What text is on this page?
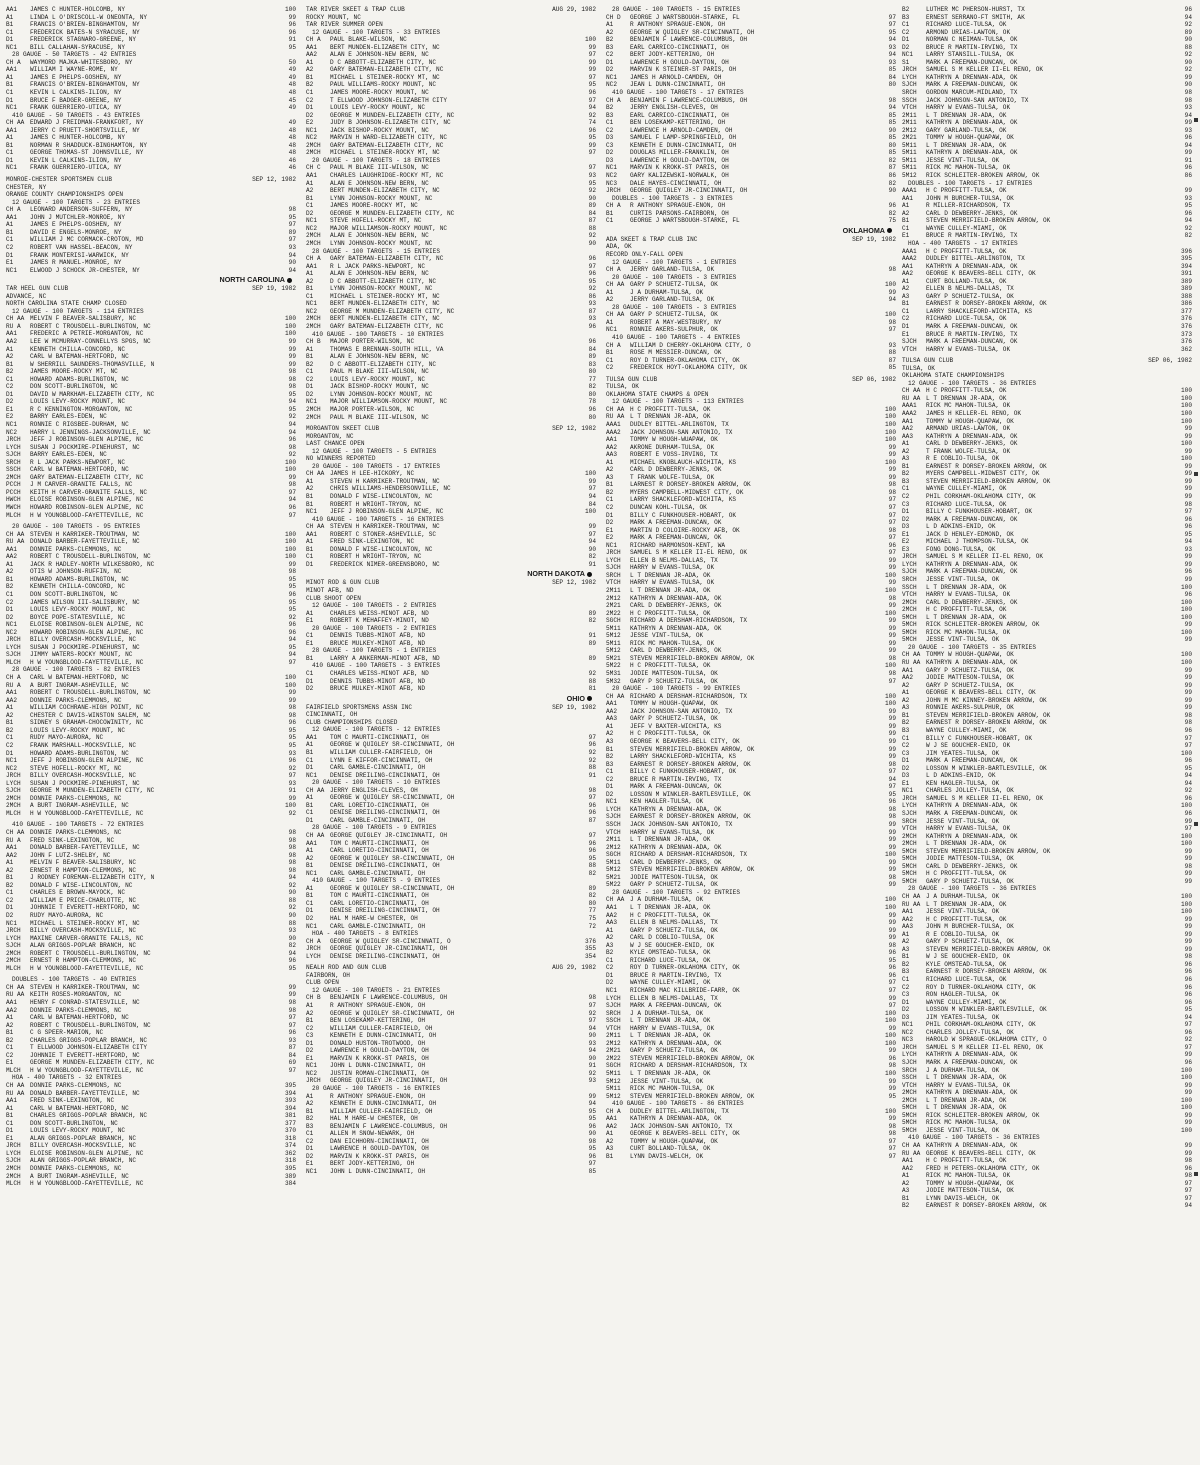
AA1	JAMES C HUNTER-HOLCOMB, NY	100
A1	LINDA L O'DRISCOLL-W ONEONTA, NY	99
B1	FRANCIS O'BRIEN-BINGHAMTON, NY	96
C1	FREDERICK BATES-N SYRACUSE, NY	96
D1	FREDERICK STAGNARO-GREENE, NY	91
NC1	BILL CALLAHAN-SYRACUSE, NY	95
28 GAUGE - 50 TARGETS - 42 ENTRIES
CH A	WAYMORD MAJKA-WHITESBORO, NY	50
AA1	WILLIAM I WAYNE-ROME, NY	49
A1	JAMES E PHELPS-GOSHEN, NY	49
B1	FRANCIS O'BRIEN-BINGHAMTON, NY	48
C1	KEVIN L CALKINS-ILION, NY	48
D1	BRUCE F BADGER-GREENE, NY	45
NC1	FRANK GUERRIERO-UTICA, NY	49
410 GAUGE - 50 TARGETS - 43 ENTRIES
CH AA EDWARD J FREIDMAN-FRANKFORT, NY	49
AA1	JERRY C PRUETT-SHORTSVILLE, NY	48
A1	JAMES C HUNTER-HOLCOMB, NY	48
B1	NORMAN R SHADDUCK-BINGHAMTON, NY	48
C1	GEORGE THOMAS-ST JOHNSVILLE, NY	48
D1	KEVIN L CALKINS-ILION, NY	46
NC1	FRANK GUERRIERO-UTICA, NY	46
MONROE-CHESTER SPORTSMEN CLUB	SEP 12, 1982
CHESTER, NY
ORANGE COUNTY CHAMPIONSHIPS OPEN
12 GAUGE - 100 TARGETS - 23 ENTRIES
CH A	LEONARD ANDERSON-SUFFERN, NY	98
AA1	JOHN J MUTCHLER-MONROE, NY	95
A1	JAMES E PHELPS-GOSHEN, NY	97
B1	DAVID E ENGELS-MONROE, NY	89
C1	WILLIAM J MC CORMACK-CROTON, MD	97
C2	ROBERT VAN HASSEL-BEACON, NY	93
D1	FRANK MONTERISI-WARWICK, NY	94
E1	JAMES R MANUEL-MONROE, NY	90
NC1	ELWOOD J SCHOCK JR-CHESTER, NY	94
NORTH CAROLINA
TAR HEEL GUN CLUB	SEP 19, 1982
ADVANCE, NC
NORTH CAROLINA STATE CHAMP CLOSED
12 GAUGE - 100 TARGETS - 114 ENTRIES
CH AA MELVIN F BEAVER-SALISBURY, NC	100
RU A	ROBERT C TROUSDELL-BURLINGTON, NC	100
AA1	FREDERIC A PETRIE-MORGANTON, NC	100
AA2	LEE W MCMURRAY-CONNELLYS SPGS, NC	99
A1	KENNETH CHILLA-CONCORD, NC	99
A2	CARL W BATEMAN-HERTFORD, NC	99
B1	W SHERRILL SAUNDERS-THOMASVILLE, N	99
B2	JAMES MOORE-ROCKY MT, NC	98
C1	HOWARD ADAMS-BURLINGTON, NC	98
C2	DON SCOTT-BURLINGTON, NC	98
D1	DAVID W MARKHAM-ELIZABETH CITY, NC	95
D2	LOUIS LEVY-ROCKY MOUNT, NC	94
E1	R C KENNINGTON-MORGANTON, NC	95
E2	BARRY EARLES-EDEN, NC	92
NC1	RONNIE C RIGSBEE-DURHAM, NC	94
NC2	HARRY L JENNINGS-JACKSONVILLE, NC	94
JRCH	JEFF J ROBINSON-GLEN ALPINE, NC	96
LYCH	SUSAN J POCKMIRE-PINEHURST, NC	98
SJCH	BARRY EARLES-EDEN, NC	92
SRCH	R L JACK PARKS-NEWPORT, NC	100
SSCH	CARL W BATEMAN-HERTFORD, NC	100
2MCH	GARY BATEMAN-ELIZABETH CITY, NC	99
PCCH	J M CARVER-GRANITE FALLS, NC	98
PCCH	KEITH H CARVER-GRANITE FALLS, NC	97
HWCH	ELOISE ROBINSON-GLEN ALPINE, NC	94
MWCH	HOWARD ROBINSON-GLEN ALPINE, NC	96
MLCH	H W YOUNGBLOOD-FAYETTEVILLE, NC	97
20 GAUGE - 100 TARGETS - 95 ENTRIES
CH AA STEVEN H KARRIKER-TROUTMAN, NC	100
RU AA DONALD BARBER-FAYETTEVILLE, NC	100
AA1	DONNIE PARKS-CLEMMONS, NC	100
AA2	ROBERT C TROUSDELL-BURLINGTON, NC	100
A1	JACK R HADLEY-NORTH WILKESBORO, NC	99
A2	OTIS W JOHNSON-RUFFIN, NC	98
B1	HOWARD ADAMS-BURLINGTON, NC	95
B2	KENNETH CHILLA-CONCORD, NC	95
C1	DON SCOTT-BURLINGTON, NC	96
C2	JAMES WILSON III-SALISBURY, NC	95
D1	LOUIS LEVY-ROCKY MOUNT, NC	95
D2	BOYCE POPE-STATESVILLE, NC	92
NC1	ELOISE ROBINSON-GLEN ALPINE, NC	96
NC2	HOWARD ROBINSON-GLEN ALPINE, NC	96
JRCH	BILLY OVERCASH-MOCKSVILLE, NC	94
LYCH	SUSAN J POCKMIRE-PINEHURST, NC	95
SJCH	JIMMY WATERS-ROCKY MOUNT, NC	94
MLCH	H W YOUNGBLOOD-FAYETTEVILLE, NC	97
28 GAUGE - 100 TARGETS - 82 ENTRIES
CH A	CARL W BATEMAN-HERTFORD, NC	100
RU A	A BURT INGRAM-ASHEVILLE, NC	100
AA1	ROBERT C TROUSDELL-BURLINGTON, NC	99
AA2	DONNIE PARKS-CLEMMONS, NC	99
A1	WILLIAM COCHRANE-HIGH POINT, NC	98
A2	CHESTER C DAVIS-WINSTON SALEM, NC	98
B1	SIDNEY S GRAHAM-CHOCOWINITY, NC	96
B2	LOUIS LEVY-ROCKY MOUNT, NC	95
C1	RUDY MAYO-AURORA, NC	95
C2	FRANK MARSHALL-MOCKSVILLE, NC	95
D1	HOWARD ADAMS-BURLINGTON, NC	93
NC1	JEFF J ROBINSON-GLEN ALPINE, NC	96
NC2	STEVE HOFELL-ROCKY MT, NC	92
JRCH	BILLY OVERCASH-MOCKSVILLE, NC	97
LYCH	SUSAN J POCKMIRE-PINEHURST, NC	93
SJCH	GEORGE M MUNDEN-ELIZABETH CITY, NC	91
2MCH	DONNIE PARKS-CLEMMONS, NC	99
2MCH	A BURT INGRAM-ASHEVILLE, NC	100
MLCH	H W YOUNGBLOOD-FAYETTEVILLE, NC	92
410 GAUGE - 100 TARGETS - 72 ENTRIES
CH AA DONNIE PARKS-CLEMMONS, NC	98
RU A	FRED SINK-LEXINGTON, NC	98
AA1	DONALD BARBER-FAYETTEVILLE, NC	98
AA2	JOHN F LUTZ-SHELBY, NC	98
A1	MELVIN F BEAVER-SALISBURY, NC	98
A2	ERNEST R HAMPTON-CLEMMONS, NC	98
B1	J RODNEY FOREMAN-ELIZABETH CITY, N	94
B2	DONALD F WISE-LINCOLNTON, NC	92
C1	CHARLES E BROWN-MAYOCK, NC	90
C2	WILLIAM E PRICE-CHARLOTTE, NC	88
D1	JOHNNIE T EVERETT-HERTFORD, NC	92
D2	RUDY MAYO-AURORA, NC	90
NC1	MICHAEL L STEINER-ROCKY MT, NC	88
JRCH	BILLY OVERCASH-MOCKSVILLE, NC	93
LYCH	MAXINE CARVER-GRANITE FALLS, NC	90
SJCH	ALAN GRIGGS-POPLAR BRANCH, NC	82
2MCH	ROBERT C TROUSDELL-BURLINGTON, NC	94
2MCH	ERNEST R HAMPTON-CLEMMONS, NC	96
MLCH	H W YOUNGBLOOD-FAYETTEVILLE, NC	95
DOUBLES - 100 TARGETS - 40 ENTRIES
CH AA STEVEN H KARRIKER-TROUTMAN, NC	99
RU AA KEITH ROSES-MORGANTON, NC	99
AA1	HENRY F CONRAD-STATESVILLE, NC	98
AA2	DONNIE PARKS-CLEMMONS, NC	98
A1	CARL W BATEMAN-HERTFORD, NC	97
A2	ROBERT C TROUSDELL-BURLINGTON, NC	97
B1	C G SPEER-MARION, NC	96
B2	CHARLES GRIGGS-POPLAR BRANCH, NC	93
C1	T ELLWOOD JOHNSON-ELIZABETH CITY	87
C2	JOHNNIE T EVERETT-HERTFORD, NC	84
E1	GEORGE M MUNDEN-ELIZABETH CITY, NC	69
MLCH	H W YOUNGBLOOD-FAYETTEVILLE, NC	97
HOA - 400 TARGETS - 32 ENTRIES
CH AA DONNIE PARKS-CLEMMONS, NC	395
RU AA DONALD BARBER-FAYETTEVILLE, NC	394
AA1	FRED SINK-LEXINGTON, NC	393
A1	CARL W BATEMAN-HERTFORD, NC	394
B1	CHARLES GRIGGS-POPLAR BRANCH, NC	381
C1	DON SCOTT-BURLINGTON, NC	377
D1	LOUIS LEVY-ROCKY MOUNT, NC	370
E1	ALAN GRIGGS-POPLAR BRANCH, NC	318
JRCH	BILLY OVERCASH-MOCKSVILLE, NC	374
LYCH	ELOISE ROBINSON-GLEN ALPINE, NC	362
SJCH	ALAN GRIGGS-POPLAR BRANCH, NC	318
2MCH	DONNIE PARKS-CLEMMONS, NC	395
2MCH	A BURT INGRAM-ASHEVILLE, NC	389
MLCH	H W YOUNGBLOOD-FAYETTEVILLE, NC	384
TAR RIVER SKEET & TRAP CLUB	AUG 29, 1982
ROCKY MOUNT, NC
TAR RIVER SUMMER OPEN
12 GAUGE - 100 TARGETS - 33 ENTRIES
CH A	PAUL BLAKE-WILSON, NC	100
AA1	BERT MUNDEN-ELIZABETH CITY, NC	99
AA2	ALAN E JOHNSON-NEW BERN, NC	97
A1	D C ABBOTT-ELIZABETH CITY, NC	99
A2	GARY BATEMAN-ELIZABETH CITY, NC	99
B1	MICHAEL L STEINER-ROCKY MT, NC	97
B2	PAUL WILLIAMS-ROCKY MOUNT, NC	95
C1	JAMES MOORE-ROCKY MOUNT, NC	96
C2	T ELLWOOD JOHNSON-ELIZABETH CITY	97
D1	LOUIS LEVY-ROCKY MOUNT, NC	94
D2	GEORGE M MUNDEN-ELIZABETH CITY, NC	92
E2	JUDY B JOHNSON-ELIZABETH CITY, NC	74
NC1	JACK BISHOP-ROCKY MOUNT, NC	96
NC2	MARVIN H WARD-ELIZABETH CITY, NC	95
2MCH	GARY BATEMAN-ELIZABETH CITY, NC	99
2MCH	MICHAEL L STEINER-ROCKY MT, NC	97
20 GAUGE - 100 TARGETS - 18 ENTRIES
CH C	PAUL M BLAKE III-WILSON, NC	97
AA1	CHARLES LAUGHRIDGE-ROCKY MT, NC	93
A1	ALAN E JOHNSON-NEW BERN, NC	95
A2	BERT MUNDEN-ELIZABETH CITY, NC	92
B1	LYNN JOHNSON-ROCKY MOUNT, NC	90
C1	JAMES MOORE-ROCKY MT, NC	89
D2	GEORGE M MUNDEN-ELIZABETH CITY, NC	84
NC1	STEVE HOFELL-ROCKY MT, NC	87
NC2	MAJOR WILLIAMSON-ROCKY MOUNT, NC	88
2MCH	ALAN E JOHNSON-NEW BERN, NC	92
2MCH	LYNN JOHNSON-ROCKY MOUNT, NC	90
28 GAUGE - 100 TARGETS - 15 ENTRIES
CH A	GARY BATEMAN-ELIZABETH CITY, NC	96
AA1	R L JACK PARKS-NEWPORT, NC	97
A1	ALAN E JOHNSON-NEW BERN, NC	96
A2	D C ABBOTT-ELIZABETH CITY, NC	95
B1	LYNN JOHNSON-ROCKY MOUNT, NC	92
C1	MICHAEL L STEINER-ROCKY MT, NC	86
NC1	BERT MUNDEN-ELIZABETH CITY, NC	93
NC2	GEORGE M MUNDEN-ELIZABETH CITY, NC	87
2MCH	BERT MUNDEN-ELIZABETH CITY, NC	93
2MCH	GARY BATEMAN-ELIZABETH CITY, NC	96
410 GAUGE - 100 TARGETS - 10 ENTRIES
CH B	MAJOR PORTER-WILSON, NC	96
A1	THOMAS E BRENNAN-SOUTH HILL, VA	84
B1	ALAN E JOHNSON-NEW BERN, NC	89
B2	D C ABBOTT-ELIZABETH CITY, NC	83
C1	PAUL M BLAKE III-WILSON, NC	80
C2	LOUIS LEVY-ROCKY MOUNT, NC	77
D1	JACK BISHOP-ROCKY MOUNT, NC	82
D2	LYNN JOHNSON-ROCKY MOUNT, NC	80
NC1	MAJOR WILLIAMSON-ROCKY MOUNT, NC	78
2MCH	MAJOR PORTER-WILSON, NC	96
2MCH	PAUL M BLAKE III-WILSON, NC	80
MORGANTON SKEET CLUB	SEP 12, 1982
MORGANTON, NC
LAST CHANCE OPEN
12 GAUGE - 100 TARGETS - 5 ENTRIES
NO WINNERS REPORTED
20 GAUGE - 100 TARGETS - 17 ENTRIES
CH AA JAMES H LEE-HICKORY, NC	100
A1	STEVEN H KARRIKER-TROUTMAN, NC	99
A2	CHRIS WILLIAMS-HENDERSONVILLE, NC	97
B1	DONALD F WISE-LINCOLNTON, NC	94
B1	ROBERT H WRIGHT-TRYON, NC	84
NC1	JEFF J ROBINSON-GLEN ALPINE, NC	100
410 GAUGE - 100 TARGETS - 16 ENTRIES
CH AA STEVEN H KARRIKER-TROUTMAN, NC	99
AA1	ROBERT C STONER-ASHEVILLE, SC	97
A1	FRED SINK-LEXINGTON, NC	94
B1	DONALD F WISE-LINCOLNTON, NC	90
C1	ROBERT H WRIGHT-TRYON, NC	82
D1	FREDERICK NIMER-GREENSBORO, NC	91
NORTH DAKOTA
MINOT ROD & GUN CLUB	SEP 12, 1982
MINOT AFB, ND
CLUB SHOOT OPEN
12 GAUGE - 100 TARGETS - 2 ENTRIES
A1	CHARLES WEISS-MINOT AFB, ND	89
E1	ROBERT K MEHAFFEY-MINOT, ND	82
20 GAUGE - 100 TARGETS - 2 ENTRIES
C1	DENNIS TUBBS-MINOT AFB, ND	91
E1	BRUCE MULKEY-MINOT AFB, ND	89
28 GAUGE - 100 TARGETS - 1 ENTRIES
B1	LARRY A ANKERMAN-MINOT AFB, ND	89
410 GAUGE - 100 TARGETS - 3 ENTRIES
C1	CHARLES WEISS-MINOT AFB, ND	92
D1	DENNIS TUBBS-MINOT AFB, ND	88
D2	BRUCE MULKEY-MINOT AFB, ND	81
OHIO
FAIRFIELD SPORTSMENS ASSN INC	SEP 19, 1982
CINCINNATI, OH
CLUB CHAMPIONSHIPS CLOSED
12 GAUGE - 100 TARGETS - 12 ENTRIES
AA1	TOM C MAURTI-CINCINNATI, OH	97
A1	GEORGE W QUIGLEY SR-CINCINNATI, OH	96
B1	WILLIAM CULLER-FAIRFIELD, OH	92
C1	LYNN E KIFFOR-CINCINNATI, OH	92
D1	CARL GAMBLE-CINCINNATI, OH	88
NC1	DENISE DREILING-CINCINNATI, OH	91
20 GAUGE - 100 TARGETS - 10 ENTRIES
CH AA JERRY ENGLISH-CLEVES, OH	98
A1	GEORGE W QUIGLEY SR-CINCINNATI, OH	97
B1	CARL LORETIO-CINCINNATI, OH	96
C1	DENISE DREILING-CINCINNATI, OH	96
D1	CARL GAMBLE-CINCINNATI, OH	87
28 GAUGE - 100 TARGETS - 9 ENTRIES
CH AA GEORGE QUIGLEY JR-CINCINNATI, OH	97
AA1	TOM C MAURTI-CINCINNATI, OH	96
A1	CARL LORETIO-CINCINNATI, OH	96
A2	GEORGE W QUIGLEY SR-CINCINNATI, OH	95
B1	DENISE DREILING-CINCINNATI, OH	88
NC1	CARL GAMBLE-CINCINNATI, OH	82
410 GAUGE - 100 TARGETS - 9 ENTRIES
A1	GEORGE W QUIGLEY SR-CINCINNATI, OH	89
B1	TOM C MAURTI-CINCINNATI, OH	82
C1	CARL LORETIO-CINCINNATI, OH	80
D1	DENISE DREILING-CINCINNATI, OH	77
D2	HAL M HARE-W CHESTER, OH	75
NC1	CARL GAMBLE-CINCINNATI, OH	72
HOA - 400 TARGETS - 8 ENTRIES
CH A	GEORGE W QUIGLEY SR-CINCINNATI, O	376
JRCH	GEORGE QUIGLEY JR-CINCINNATI, OH	355
LYCH	DENISE DREILING-CINCINNATI, OH	354
NEALH ROD AND GUN CLUB	AUG 29, 1982
FAIRBORN, OH
CLUB OPEN
12 GAUGE - 100 TARGETS - 21 ENTRIES
CH B	BENJAMIN F LAWRENCE-COLUMBUS, OH	98
A1	R ANTHONY SPRAGUE-ENON, OH	97
A2	GEORGE W QUIGLEY SR-CINCINNATI, OH	92
B1	BEN LOSEKAMP-KETTERING, OH	97
C2	WILLIAM CULLER-FAIRFIELD, OH	94
C3	KENNETH E DUNN-CINCINNATI, OH	90
D1	DONALD HUSTON-TROTWOOD, OH	93
D2	LAWRENCE H GOULD-DAYTON, OH	94
E1	MARVIN K KROKK-ST PARIS, OH	90
NC1	JOHN L DUNN-CINCINNATI, OH	91
NC2	JUSTIN ROMAN-CINCINNATI, OH	92
JRCH	GEORGE QUIGLEY JR-CINCINNATI, OH	93
20 GAUGE - 100 TARGETS - 16 ENTRIES
A1	R ANTHONY SPRAGUE-ENON, OH	99
A2	KENNETH E DUNN-CINCINNATI, OH	94
B1	WILLIAM CULLER-FAIRFIELD, OH	95
B2	HAL M HARE-W CHESTER, OH	95
B3	BENJAMIN F LAWRENCE-COLUMBUS, OH	96
C1	ALLEN M SNOW-NEWARK, OH	90
C2	DAN EICHHORN-CINCINNATI, OH	98
D1	LAWRENCE H GOULD-DAYTON, OH	95
D2	MARVIN K KROKK-ST PARIS, OH	96
E1	BERT JODY-KETTERING, OH	97
NC1	JOHN L DUNN-CINCINNATI, OH	85
28 GAUGE - 100 TARGETS - 15 ENTRIES
CH D	GEORGE J WARTSBOUGH-STARKE, FL	97
A1	R ANTHONY SPRAGUE-ENON, OH	97
A2	GEORGE W QUIGLEY SR-CINCINNATI, OH	95
B2	BENJAMIN F LAWRENCE-COLUMBUS, OH	94
B3	EARL CARRICO-CINCINNATI, OH	93
C2	BERT JODY-KETTERING, OH	94
D1	LAWRENCE H GOULD-DAYTON, OH	93
D2	MARVIN K STEINER-ST PARIS, OH	85
NC1	JAMES H ARNOLD-CAMDEN, OH	84
NC2	JEAN L DUNN-CINCINNATI, OH	80
410 GAUGE - 100 TARGETS - 17 ENTRIES
CH A	BENJAMIN F LAWRENCE-COLUMBUS, OH	98
B2	JERRY ENGLISH-CLEVES, OH	94
B3	EARL CARRICO-CINCINNATI, OH	85
C1	BEN LOSEKAMP-KETTERING, OH	85
C2	LAWRENCE H ARNOLD-CAMDEN, OH	90
D3	SAMUEL F LAMP-SPRINGFIELD, OH	85
C3	KENNETH E DUNN-CINCINNATI, OH	80
D2	DOUGLAS MILLER-FRANKLIN, OH	85
D3	LAWRENCE H GOULD-DAYTON, OH	82
NC1	MARVIN K KROKK-ST PARIS, OH	87
NC2	GARY KALIZEWSKI-NORWALK, OH	86
NC3	DALE HAYES-CINCINNATI, OH	82
JRCH	GEORGE QUIGLEY JR-CINCINNATI, OH	90
DOUBLES - 100 TARGETS - 3 ENTRIES
CH A	R ANTHONY SPRAGUE-ENON, OH	96
B1	CURTIS PARSONS-FAIRBORN, OH	82
C1	GEORGE J WARTSBOUGH-STARKE, FL	75
OKLAHOMA
ADA SKEET & TRAP CLUB INC	SEP 19, 1982
ADA, OK
RECORD ONLY-FALL OPEN
12 GAUGE - 100 TARGETS - 1 ENTRIES
CH A	JERRY GARLAND-TULSA, OK	98
20 GAUGE - 100 TARGETS - 3 ENTRIES
CH AA GARY P SCHUETZ-TULSA, OK	100
A1	J A DURHAM-TULSA, OK	99
A2	JERRY GARLAND-TULSA, OK	94
28 GAUGE - 100 TARGETS - 3 ENTRIES
CH AA GARY P SCHUETZ-TULSA, OK	100
A1	ROBERT A MAY-WESTBURY, NY	98
NC1	RONNIE AKERS-SULPHUR, OK	97
410 GAUGE - 100 TARGETS - 4 ENTRIES
CH A	WILLIAM D CHERRY-OKLAHOMA CITY, O	93
B1	ROSE M MESSIER-DUNCAN, OK	88
C1	ROY D TURNER-OKLAHOMA CITY, OK	87
C2	FREDERICK HOYT-OKLAHOMA CITY, OK	85
TULSA GUN CLUB	SEP 06, 1982
TULSA, OK
OKLAHOMA STATE CHAMPS & OPEN
12 GAUGE - 100 TARGETS - 113 ENTRIES
CH AA H C PROFFITT-TULSA, OK	100
RU AA L T DRENNAN JR-ADA, OK	100
AAA1	DUDLEY BITTEL-ARLINGTON, TX	100
AAA2	JACK JOHNSON-SAN ANTONIO, TX	100
AA1	TOMMY W HOUGH-WUAPAW, OK	100
AA2	AKRONE DURHAM-TULSA, OK	99
AA3	ROBERT E VOSS-IRVING, TX	99
A1	MICHAEL KNOBLAUCH-WICHITA, KS	100
A2	CARL D DEWBERRY-JENKS, OK	99
A3	T FRANK WOLFE-TULSA, OK	99
B1	LARNEST R DORSEY-BROKEN ARROW, OK	98
B2	MYERS CAMPBELL-MIDWEST CITY, OK	98
C1	LARRY SHACKLEFORD-WICHITA, KS	97
C2	DUNCAN KOHL-TULSA, OK	97
D1	BILLY C FUNKHOUSER-HOBART, OK	97
D2	MARK A FREEMAN-DUNCAN, OK	97
E1	MARTIN D COLOIRE-ROCKY AFB, OK	98
E2	MARK A FREEMAN-DUNCAN, OK	97
NC1	RICHARD HARMONSON-KENT, WA	96
JRCH	SAMUEL S M KELLER II-EL RENO, OK	97
LYCH	ELLEN B NELMS-DALLAS, TX	99
SJCH	HARRY W EVANS-TULSA, OK	99
SRCH	L T DRENNAN JR-ADA, OK	100
VTCH	HARRY W EVANS-TULSA, OK	99
2M11	L T DRENNAN JR-ADA, OK	100
2M12	KATHRYN A DRENNAN-ADA, OK	98
2M21	CARL D DEWBERRY-JENKS, OK	99
2M22	H C PROFFITT-TULSA, OK	100
SGCH	RICHARD A DERSHAM-RICHARDSON, TX	99
5M11	KATHRYN A DRENNAN-ADA, OK	99
5M12	JESSE VINT-TULSA, OK	99
5M11	RICK MC MAHON-TULSA, OK	99
5M12	CARL D DEWBERRY-JENKS, OK	99
5M21	STEVEN MERRIFIELD-BROKEN ARROW, OK	98
5M22	H C PROFFITT-TULSA, OK	100
5M31	JODIE MATTESON-TULSA, OK	98
5M32	GARY P SCHUETZ-TULSA, OK	97
20 GAUGE - 100 TARGETS - 99 ENTRIES
CH AA RICHARD A DERSHAM-RICHARDSON, TX	100
AA1	TOMMY W HOUGH-QUAPAW, OK	100
AA2	JACK JOHNSON-SAN ANTONIO, TX	99
AA3	GARY P SCHUETZ-TULSA, OK	99
A1	JEFF V BAXTER-WICHITA, KS	99
A2	H C PROFFITT-TULSA, OK	99
A3	GEORGE K BEAVERS-BELL CITY, OK	99
B1	STEVEN MERRIFIELD-BROKEN ARROW, OK	99
B2	LARRY SHACKLEFORD-WICHITA, KS	99
B3	EARNEST R DORSEY-BROKEN ARROW, OK	98
C1	BILLY C FUNKHOUSER-HOBART, OK	97
C2	BRUCE R MARTIN-IRVING, TX	94
D1	MARK A FREEMAN-DUNCAN, OK	97
D2	LOSSON M WINKLER-BARTLESVILLE, OK	95
NC1	KEN HAGLER-TULSA, OK	96
LYCH	KATHRYN A DRENNAN-ADA, OK	98
SJCH	EARNEST R DORSEY-BROKEN ARROW, OK	98
SSCH	JACK JOHNSON-SAN ANTONIO, TX	99
VTCH	HARRY W EVANS-TULSA, OK	99
2M11	L T DRENNAN JR-ADA, OK	99
2M12	KATHRYN A DRENNAN-ADA, OK	99
SGCH	RICHARD A DERSHAM-RICHARDSON, TX	100
5M11	CARL D DEWBERRY-JENKS, OK	99
5M12	STEVEN MERRIFIELD-BROKEN ARROW, OK	99
5M21	JODIE MATTESON-TULSA, OK	98
5M22	GARY P SCHUETZ-TULSA, OK	99
28 GAUGE - 100 TARGETS - 92 ENTRIES
CH AA J A DURHAM-TULSA, OK	100
AA1	L T DRENNAN JR-ADA, OK	100
AA2	H C PROFFITT-TULSA, OK	99
AA3	ELLEN B NELMS-DALLAS, TX	99
A1	GARY P SCHUETZ-TULSA, OK	99
A2	CARL D COBLIO-TULSA, OK	99
A3	W J SE GOUCHER-ENID, OK	98
B2	KYLE OMSTEAD-TULSA, OK	96
C1	RICHARD LUCE-TULSA, OK	95
C2	ROY D TURNER-OKLAHOMA CITY, OK	96
D1	BRUCE R MARTIN-IRVING, TX	96
D2	WAYNE CULLEY-MIAMI, OK	97
NC1	RICHARD MAC KILLBRIDE-FARR, OK	97
LYCH	ELLEN B NELMS-DALLAS, TX	99
SJCH	MARK A FREEMAN-DUNCAN, OK	97
SRCH	J A DURHAM-TULSA, OK	100
SSCH	L T DRENNAN JR-ADA, OK	100
VTCH	HARRY W EVANS-TULSA, OK	99
2M11	L T DRENNAN JR-ADA, OK	100
2M12	KATHRYN A DRENNAN-ADA, OK	100
2M21	GARY P SCHUETZ-TULSA, OK	99
2M22	STEVEN MERRIFIELD-BROKEN ARROW, OK	96
SGCH	RICHARD A DERSHAM-RICHARDSON, TX	98
5M11	L T DRENNAN JR-ADA, OK	100
5M12	JESSE VINT-TULSA, OK	99
5M11	RICK MC MAHON-TULSA, OK	99
5M12	STEVEN MERRIFIELD-BROKEN ARROW, OK	95
410 GAUGE - 100 TARGETS - 86 ENTRIES
CH A	DUDLEY BITTEL-ARLINGTON, TX	100
AA1	KATHRYN A DRENNAN-ADA, OK	99
AA2	JACK JOHNSON-SAN ANTONIO, TX	98
A1	GEORGE K BEAVERS-BELL CITY, OK	98
A2	TOMMY W HOUGH-QUAPAW, OK	97
A3	CURT BOLLAND-TULSA, OK	97
B1	LYNN DAVIS-WELCH, OK	97
B2	LUTHER MC PHERSON-HURST, TX	96
B3	ERNEST SERRANO-FT SMITH, AK	94
C1	RICHARD LUCE-TULSA, OK	92
C2	ARMOND URIAS-LAWTON, OK	89
D1	NORMAN C NEIMAN-TULSA, OK	90
D2	BRUCE R MARTIN-IRVING, TX	88
NC1	LARRY STANSILL-TULSA, OK	92
S1	MARK A FREEMAN-DUNCAN, OK	90
JRCH	SAMUEL S M KELLER II-EL RENO, OK	92
LYCH	KATHRYN A DRENNAN-ADA, OK	99
SJCH	MARK A FREEMAN-DUNCAN, OK	90
SRCH	GORDON MARCUM-MIDLAND, TX	98
SSCH	JACK JOHNSON-SAN ANTONIO, TX	98
VTCH	HARRY W EVANS-TULSA, OK	93
2M11	L T DRENNAN JR-ADA, OK	94
2M11	KATHRYN A DRENNAN-ADA, OK	99
2M12	GARY GARLAND-TULSA, OK	93
2M21	TOMMY W HOUGH-QUAPAW, OK	96
5M11	L T DRENNAN JR-ADA, OK	94
5M11	KATHRYN A DRENNAN-ADA, OK	99
5M11	JESSE VINT-TULSA, OK	91
5M11	RICK MC MAHON-TULSA, OK	96
5M12	RICK SCHLEITER-BROKEN ARROW, OK	86
DOUBLES - 100 TARGETS - 17 ENTRIES
AAA1	H C PROFFITT-TULSA, OK	99
AA1	JOHN M BURCHER-TULSA, OK	93
A1	R MILLER-RICHARDSON, TX	95
A2	CARL D DEWBERRY-JENKS, OK	96
B1	STEVEN MERRIFIELD-BROKEN ARROW, OK	94
C1	WAYNE CULLEY-MIAMI, OK	92
E1	BRUCE R MARTIN-IRVING, TX	82
HOA - 400 TARGETS - 17 ENTRIES
AAA1	H C PROFFITT-TULSA, OK	396
AAA2	DUDLEY BITTEL-ARLINGTON, TX	395
AA1	KATHRYN A DRENNAN-ADA, OK	394
AA2	GEORGE K BEAVERS-BELL CITY, OK	391
A1	CURT BOLLAND-TULSA, OK	389
A2	ELLEN B NELMS-DALLAS, TX	389
A3	GARY P SCHUETZ-TULSA, OK	388
B1	EARNEST R DORSEY-BROKEN ARROW, OK	386
C1	LARRY SHACKLEFORD-WICHITA, KS	377
C2	RICHARD LUCE-TULSA, OK	376
D1	MARK A FREEMAN-DUNCAN, OK	376
E1	BRUCE R MARTIN-IRVING, TX	373
SJCH	MARK A FREEMAN-DUNCAN, OK	376
VTCH	HARRY W EVANS-TULSA, OK	362
TULSA GUN CLUB	SEP 06, 1982
TULSA, OK
OKLAHOMA STATE CHAMPIONSHIPS
12 GAUGE - 100 TARGETS - 36 ENTRIES
CH AA H C PROFFITT-TULSA, OK	100
RU AA L T DRENNAN JR-ADA, OK	100
AAA1	RICK MC MAHON-TULSA, OK	100
AAA2	JAMES H KELLER-EL RENO, OK	100
AA1	TOMMY W HOUGH-QUAPAW, OK	100
AA2	ARMAND URIAS-LAWTON, OK	99
AA3	KATHRYN A DRENNAN-ADA, OK	99
A1	CARL D DEWBERRY-JENKS, OK	100
A2	T FRANK WOLFE-TULSA, OK	99
A3	R E COBLIO-TULSA, OK	100
B1	EARNEST R DORSEY-BROKEN ARROW, OK	99
B2	MYERS CAMPBELL-MIDWEST CITY, OK	99
B3	STEVEN MERRIFIELD-BROKEN ARROW, OK	99
C1	WAYNE CULLEY-MIAMI, OK	99
C2	PHIL CORKHAM-OKLAHOMA CITY, OK	99
C3	RICHARD LUCE-TULSA, OK	98
D1	BILLY C FUNKHOUSER-HOBART, OK	97
D2	MARK A FREEMAN-DUNCAN, OK	96
D3	L D ADKINS-ENID, OK	96
E1	JACK D HENLEY-EDMOND, OK	95
E2	MICHAEL J THOMPSON-TULSA, OK	94
E3	FONG DONG-TULSA, OK	93
JRCH	SAMUEL S M KELLER II-EL RENO, OK	99
LYCH	KATHRYN A DRENNAN-ADA, OK	99
SJCH	MARK A FREEMAN-DUNCAN, OK	96
SRCH	JESSE VINT-TULSA, OK	99
SSCH	L T DRENNAN JR-ADA, OK	100
VTCH	HARRY W EVANS-TULSA, OK	96
2MCH	CARL D DEWBERRY-JENKS, OK	100
2MCH	H C PROFFITT-TULSA, OK	100
5MCH	L T DRENNAN JR-ADA, OK	100
5MCH	RICK SCHLEITER-BROKEN ARROW, OK	99
5MCH	RICK MC MAHON-TULSA, OK	100
5MCH	JESSE VINT-TULSA, OK	99
20 GAUGE - 100 TARGETS - 35 ENTRIES
CH AA TOMMY W HOUGH-QUAPAW, OK	100
RU AA KATHRYN A DRENNAN-ADA, OK	100
AA1	GARY P SCHUETZ-TULSA, OK	99
AA2	JODIE MATTESON-TULSA, OK	99
A2	GARY P SCHUETZ-TULSA, OK	99
A1	GEORGE K BEAVERS-BELL CITY, OK	99
A2	JOHN M MC KINNEY-BROKEN ARROW, OK	99
A3	RONNIE AKERS-SULPHUR, OK	99
B1	STEVEN MERRIFIELD-BROKEN ARROW, OK	98
B2	EARNEST R DORSEY-BROKEN ARROW, OK	98
B3	WAYNE CULLEY-MIAMI, OK	96
C1	BILLY C FUNKHOUSER-HOBART, OK	97
C2	W J SE GOUCHER-ENID, OK	97
C3	JIM YEATES-TULSA, OK	100
D1	MARK A FREEMAN-DUNCAN, OK	96
D2	LOSSON M WINKLER-BARTLESVILLE, OK	95
D3	L D ADKINS-ENID, OK	94
E1	KEN HAGLER-TULSA, OK	94
NC1	CHARLES JOLLEY-TULSA, OK	92
JRCH	SAMUEL S M KELLER II-EL RENO, OK	96
LYCH	KATHRYN A DRENNAN-ADA, OK	100
SJCH	MARK A FREEMAN-DUNCAN, OK	96
SRCH	JESSE VINT-TULSA, OK	99
VTCH	HARRY W EVANS-TULSA, OK	97
2MCH	KATHRYN A DRENNAN-ADA, OK	100
2MCH	L T DRENNAN JR-ADA, OK	100
5MCH	STEVEN MERRIFIELD-BROKEN ARROW, OK	99
5MCH	JODIE MATTESON-TULSA, OK	99
5MCH	CARL D DEWBERRY-JENKS, OK	98
5MCH	H C PROFFITT-TULSA, OK	99
5MCH	GARY P SCHUETZ-TULSA, OK	99
28 GAUGE - 100 TARGETS - 36 ENTRIES
CH AA J A DURHAM-TULSA, OK	100
RU AA L T DRENNAN JR-ADA, OK	100
AA1	JESSE VINT-TULSA, OK	100
AA2	H C PROFFITT-TULSA, OK	99
AA3	JOHN M BURCHER-TULSA, OK	99
A1	R E COBLIO-TULSA, OK	99
A2	GARY P SCHUETZ-TULSA, OK	99
A3	STEVEN MERRIFIELD-BROKEN ARROW, OK	99
B1	W J SE GOUCHER-ENID, OK	98
B2	KYLE OMSTEAD-TULSA, OK	96
B3	EARNEST R DORSEY-BROKEN ARROW, OK	96
C1	RICHARD LUCE-TULSA, OK	96
C2	ROY D TURNER-OKLAHOMA CITY, OK	96
C3	RON HAGLER-TULSA, OK	96
D1	WAYNE CULLEY-MIAMI, OK	96
D2	LOSSON M WINKLER-BARTLESVILLE, OK	95
D3	JIM YEATES-TULSA, OK	94
NC1	PHIL CORKHAM-OKLAHOMA CITY, OK	97
NC2	CHARLES JOLLEY-TULSA, OK	96
NC3	HAROLD W SPRAGUE-OKLAHOMA CITY, O	92
JRCH	SAMUEL S M KELLER II-EL RENO, OK	97
LYCH	KATHRYN A DRENNAN-ADA, OK	99
SJCH	MARK A FREEMAN-DUNCAN, OK	96
SRCH	J A DURHAM-TULSA, OK	100
SSCH	L T DRENNAN JR-ADA, OK	100
VTCH	HARRY W EVANS-TULSA, OK	99
2MCH	KATHRYN A DRENNAN-ADA, OK	99
2MCH	L T DRENNAN JR-ADA, OK	100
5MCH	L T DRENNAN JR-ADA, OK	100
5MCH	RICK SCHLEITER-BROKEN ARROW, OK	99
5MCH	RICK MC MAHON-TULSA, OK	99
5MCH	JESSE VINT-TULSA, OK	100
410 GAUGE - 100 TARGETS - 36 ENTRIES
CH AA KATHRYN A DRENNAN-ADA, OK	99
RU AA GEORGE K BEAVERS-BELL CITY, OK	99
AA1	H C PROFFITT-TULSA, OK	98
AA2	FRED H PETERS-OKLAHOMA CITY, OK	96
A1	RICK MC MAHON-TULSA, OK	98
A2	TOMMY W HOUGH-QUAPAW, OK	97
A3	JODIE MATTESON-TULSA, OK	97
B1	LYNN DAVIS-WELCH, OK	97
B2	EARNEST R DORSEY-BROKEN ARROW, OK	94
